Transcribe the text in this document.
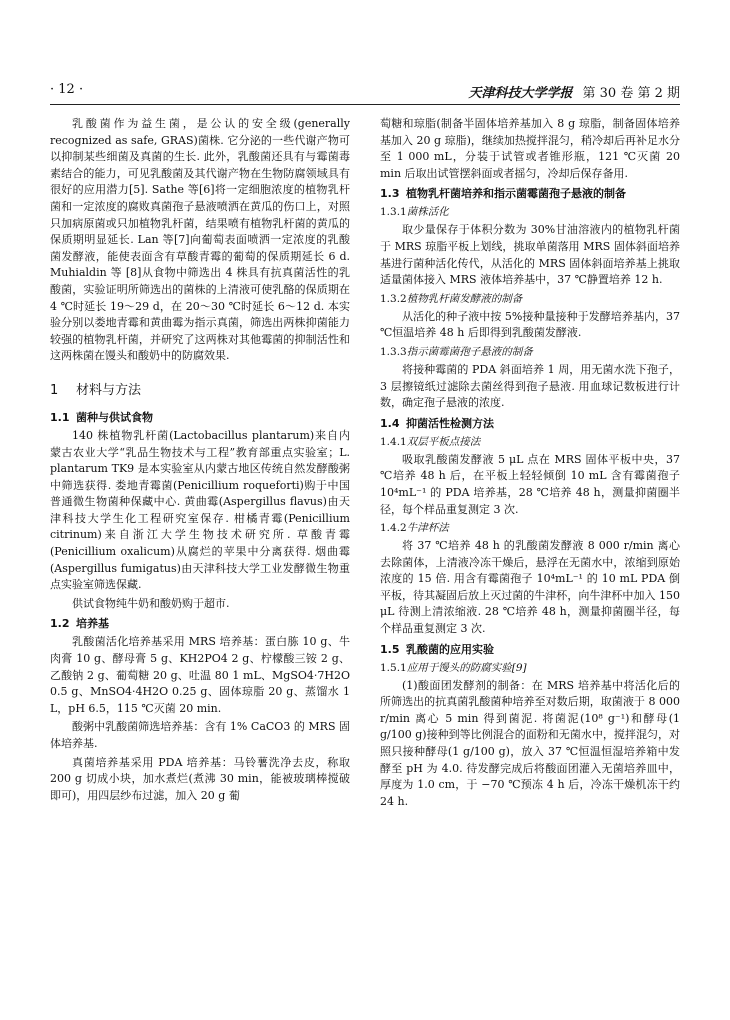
· 12 ·	天津科技大学学报 第 30 卷 第 2 期

乳酸菌作为益生菌，是公认的安全级(generally recognized as safe, GRAS)菌株. 它分泌的一些代谢产物可以抑制某些细菌及真菌的生长. 此外，乳酸菌还具有与霉菌毒素结合的能力，可见乳酸菌及其代谢产物在生物防腐领域具有很好的应用潜力[5]. Sathe 等[6]将一定细胞浓度的植物乳杆菌和一定浓度的腐败真菌孢子悬液喷洒在黄瓜的伤口上，对照只加病原菌或只加植物乳杆菌，结果喷有植物乳杆菌的黄瓜的保质期明显延长. Lan 等[7]向葡萄表面喷洒一定浓度的乳酸菌发酵液，能使表面含有草酸青霉的葡萄的保质期延长 6 d. Muhialdin 等 [8]从食物中筛选出 4 株具有抗真菌活性的乳酸菌，实验证明所筛选出的菌株的上清液可使乳酪的保质期在 4 ℃时延长 19～29 d，在 20～30 ℃时延长 6～12 d. 本实验分别以娄地青霉和黄曲霉为指示真菌，筛选出两株抑菌能力较强的植物乳杆菌，并研究了这两株对其他霉菌的抑制活性和这两株菌在馒头和酸奶中的防腐效果.

1 材料与方法
1.1 菌种与供试食物

140 株植物乳杆菌(Lactobacillus plantarum)来自内蒙古农业大学“乳品生物技术与工程”教育部重点实验室；L. plantarum TK9 是本实验室从内蒙古地区传统自然发酵酸粥中筛选获得. 娄地青霉菌(Penicillium roqueforti)购于中国普通微生物菌种保藏中心. 黄曲霉(Aspergillus flavus)由天津科技大学生化工程研究室保存. 柑橘青霉(Penicillium citrinum)来自浙江大学生物技术研究所. 草酸青霉(Penicillium oxalicum)从腐烂的苹果中分离获得. 烟曲霉(Aspergillus fumigatus)由天津科技大学工业发酵微生物重点实验室筛选保藏.

供试食物纯牛奶和酸奶购于超市.

1.2 培养基

乳酸菌活化培养基采用 MRS 培养基：蛋白胨 10 g、牛肉膏 10 g、酵母膏 5 g、KH2PO4 2 g、柠檬酸三铵 2 g、乙酸钠 2 g、葡萄糖 20 g、吐温 80 1 mL、MgSO4·7H2O 0.5 g、MnSO4·4H2O 0.25 g、固体琼脂 20 g、蒸馏水 1 L，pH 6.5，115 ℃灭菌 20 min.

酸粥中乳酸菌筛选培养基：含有 1% CaCO3 的 MRS 固体培养基.

真菌培养基采用 PDA 培养基：马铃薯洗净去皮，称取 200 g 切成小块，加水煮烂(煮沸 30 min，能被玻璃棒搅破即可)，用四层纱布过滤，加入 20 g 葡

萄糖和琼脂(制备半固体培养基加入 8 g 琼脂，制备固体培养基加入 20 g 琼脂)，继续加热搅拌混匀，稍冷却后再补足水分至 1 000 mL，分装于试管或者锥形瓶，121 ℃灭菌 20 min 后取出试管摆斜面或者摇匀，冷却后保存备用.

1.3 植物乳杆菌培养和指示菌霉菌孢子悬液的制备
1.3.1菌株活化

取少量保存于体积分数为 30%甘油溶液内的植物乳杆菌于 MRS 琼脂平板上划线，挑取单菌落用 MRS 固体斜面培养基进行菌种活化传代，从活化的 MRS 固体斜面培养基上挑取适量菌体接入 MRS 液体培养基中，37 ℃静置培养 12 h.

1.3.2植物乳杆菌发酵液的制备

从活化的种子液中按 5%接种量接种于发酵培养基内，37 ℃恒温培养 48 h 后即得到乳酸菌发酵液.

1.3.3指示菌霉菌孢子悬液的制备

将接种霉菌的 PDA 斜面培养 1 周，用无菌水洗下孢子，3 层擦镜纸过滤除去菌丝得到孢子悬液. 用血球记数板进行计数，确定孢子悬液的浓度.

1.4 抑菌活性检测方法
1.4.1双层平板点接法

吸取乳酸菌发酵液 5 μL 点在 MRS 固体平板中央，37 ℃培养 48 h 后，在平板上轻轻倾倒 10 mL 含有霉菌孢子 10⁴mL⁻¹ 的 PDA 培养基，28 ℃培养 48 h，测量抑菌圈半径，每个样品重复测定 3 次.

1.4.2牛津杯法

将 37 ℃培养 48 h 的乳酸菌发酵液 8 000 r/min 离心去除菌体，上清液冷冻干燥后，悬浮在无菌水中，浓缩到原始浓度的 15 倍. 用含有霉菌孢子 10⁴mL⁻¹ 的 10 mL PDA 倒平板，待其凝固后放上灭过菌的牛津杯，向牛津杯中加入 150 μL 待测上清浓缩液. 28 ℃培养 48 h，测量抑菌圈半径，每个样品重复测定 3 次.

1.5 乳酸菌的应用实验
1.5.1应用于馒头的防腐实验[9]

(1)酸面团发酵剂的制备：在 MRS 培养基中将活化后的所筛选出的抗真菌乳酸菌种培养至对数后期，取菌液于 8 000 r/min 离心 5 min 得到菌泥. 将菌泥(10⁸ g⁻¹)和酵母(1 g/100 g)接种到等比例混合的面粉和无菌水中，搅拌混匀，对照只接种酵母(1 g/100 g)，放入 37 ℃恒温恒湿培养箱中发酵至 pH 为 4.0. 待发酵完成后将酸面团灌入无菌培养皿中，厚度为 1.0 cm，于 −70 ℃预冻 4 h 后，冷冻干燥机冻干约 24 h.
